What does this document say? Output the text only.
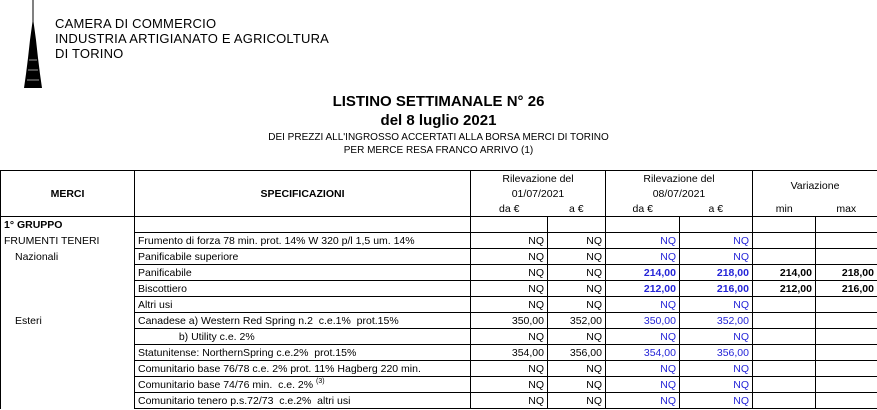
CAMERA DI COMMERCIO
INDUSTRIA ARTIGIANATO E AGRICOLTURA
DI TORINO
LISTINO SETTIMANALE N° 26
del 8 luglio 2021
DEI PREZZI ALL'INGROSSO ACCERTATI ALLA BORSA MERCI DI TORINO
PER MERCE RESA FRANCO ARRIVO (1)
MERCI	SPECIFICAZIONI	Rilevazione del		Rilevazione del		Variazione	
		01/07/2021		08/07/2021			
		da €	a €	da €	a €	min	max
1° GRUPPO							
FRUMENTI TENERI	Frumento di forza 78 min. prot. 14% W 320 p/l 1,5 um. 14%	NQ	NQ	NQ	NQ		
Nazionali	Panificabile superiore	NQ	NQ	NQ	NQ		
	Panificabile	NQ	NQ	214,00	218,00	214,00	218,00
	Biscottiero	NQ	NQ	212,00	216,00	212,00	216,00
	Altri usi	NQ	NQ	NQ	NQ		
Esteri	Canadese a) Western Red Spring n.2  c.e.1%  prot.15%	350,00	352,00	350,00	352,00		
	b) Utility c.e. 2%	NQ	NQ	NQ	NQ		
	Statunitense: NorthernSpring c.e.2%  prot.15%	354,00	356,00	354,00	356,00		
	Comunitario base 76/78 c.e. 2% prot. 11% Hagberg 220 min.	NQ	NQ	NQ	NQ		
	Comunitario base 74/76 min.  c.e. 2% $^{(3)}$	NQ	NQ	NQ	NQ		
	Comunitario tenero p.s.72/73  c.e.2%  altri usi	NQ	NQ	NQ	NQ		
